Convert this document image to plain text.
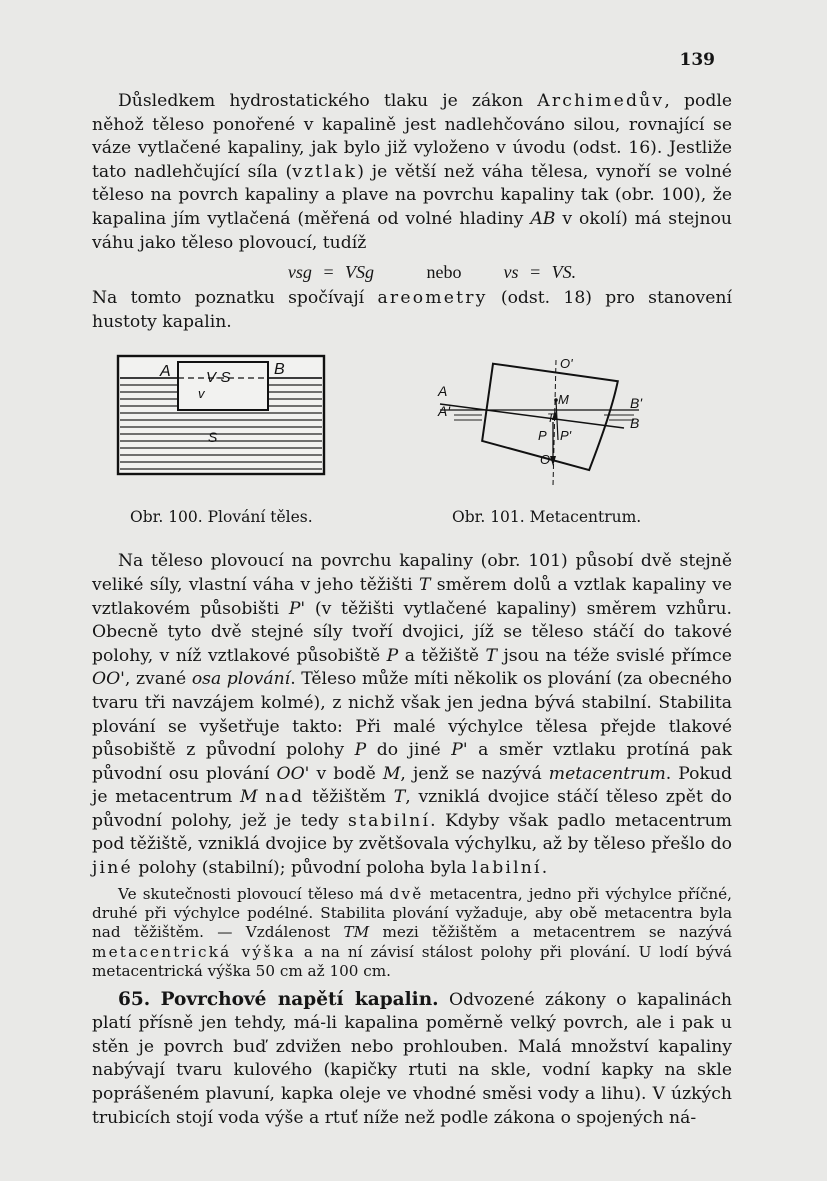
139

Důsledkem hydrostatického tlaku je zákon Archimedův, podle něhož těleso ponořené v kapalině jest nadlehčováno silou, rovnající se váze vytlačené kapaliny, jak bylo již vyloženo v úvodu (odst. 16). Jestliže tato nadlehčující síla (vztlak) je větší než váha tělesa, vynoří se volné těleso na povrch kapaliny a plave na povrchu kapaliny tak (obr. 100), že kapalina jím vytlačená (měřená od volné hladiny AB v okolí) má stejnou váhu jako těleso plovoucí, tudíž

vsg = VSg	nebo vs = VS.

Na tomto poznatku spočívají areometry (odst. 18) pro stanovení hustoty kapalin.

A	B
V-S
v
S
O'
A
A'	B'
B
M
T
P P'
O
Obr. 100. Plování těles.	Obr. 101. Metacentrum.

Na těleso plovoucí na povrchu kapaliny (obr. 101) působí dvě stejně veliké síly, vlastní váha v jeho těžišti T směrem dolů a vztlak kapaliny ve vztlakovém působišti P' (v těžišti vytlačené kapaliny) směrem vzhůru. Obecně tyto dvě stejné síly tvoří dvojici, jíž se těleso stáčí do takové polohy, v níž vztlakové působiště P a těžiště T jsou na téže svislé přímce OO', zvané osa plování. Těleso může míti několik os plování (za obecného tvaru tři navzájem kolmé), z nichž však jen jedna bývá stabilní. Stabilita plování se vyšetřuje takto: Při malé výchylce tělesa přejde tlakové působiště z původní polohy P do jiné P' a směr vztlaku protíná pak původní osu plování OO' v bodě M, jenž se nazývá metacentrum. Pokud je metacentrum M nad těžištěm T, vzniklá dvojice stáčí těleso zpět do původní polohy, jež je tedy stabilní. Kdyby však padlo metacentrum pod těžiště, vzniklá dvojice by zvětšovala výchylku, až by těleso přešlo do jiné polohy (stabilní); původní poloha byla labilní.

Ve skutečnosti plovoucí těleso má dvě metacentra, jedno při výchylce příčné, druhé při výchylce podélné. Stabilita plování vyžaduje, aby obě metacentra byla nad těžištěm. — Vzdálenost TM mezi těžištěm a metacentrem se nazývá metacentrická výška a na ní závisí stálost polohy při plování. U lodí bývá metacentrická výška 50 cm až 100 cm.

65. Povrchové napětí kapalin. Odvozené zákony o kapalinách platí přísně jen tehdy, má-li kapalina poměrně velký povrch, ale i pak u stěn je povrch buď zdvižen nebo prohlouben. Malá množství kapaliny nabývají tvaru kulového (kapičky rtuti na skle, vodní kapky na skle poprášeném plavuní, kapka oleje ve vhodné směsi vody a lihu). V úzkých trubicích stojí voda výše a rtuť níže než podle zákona o spojených ná-
